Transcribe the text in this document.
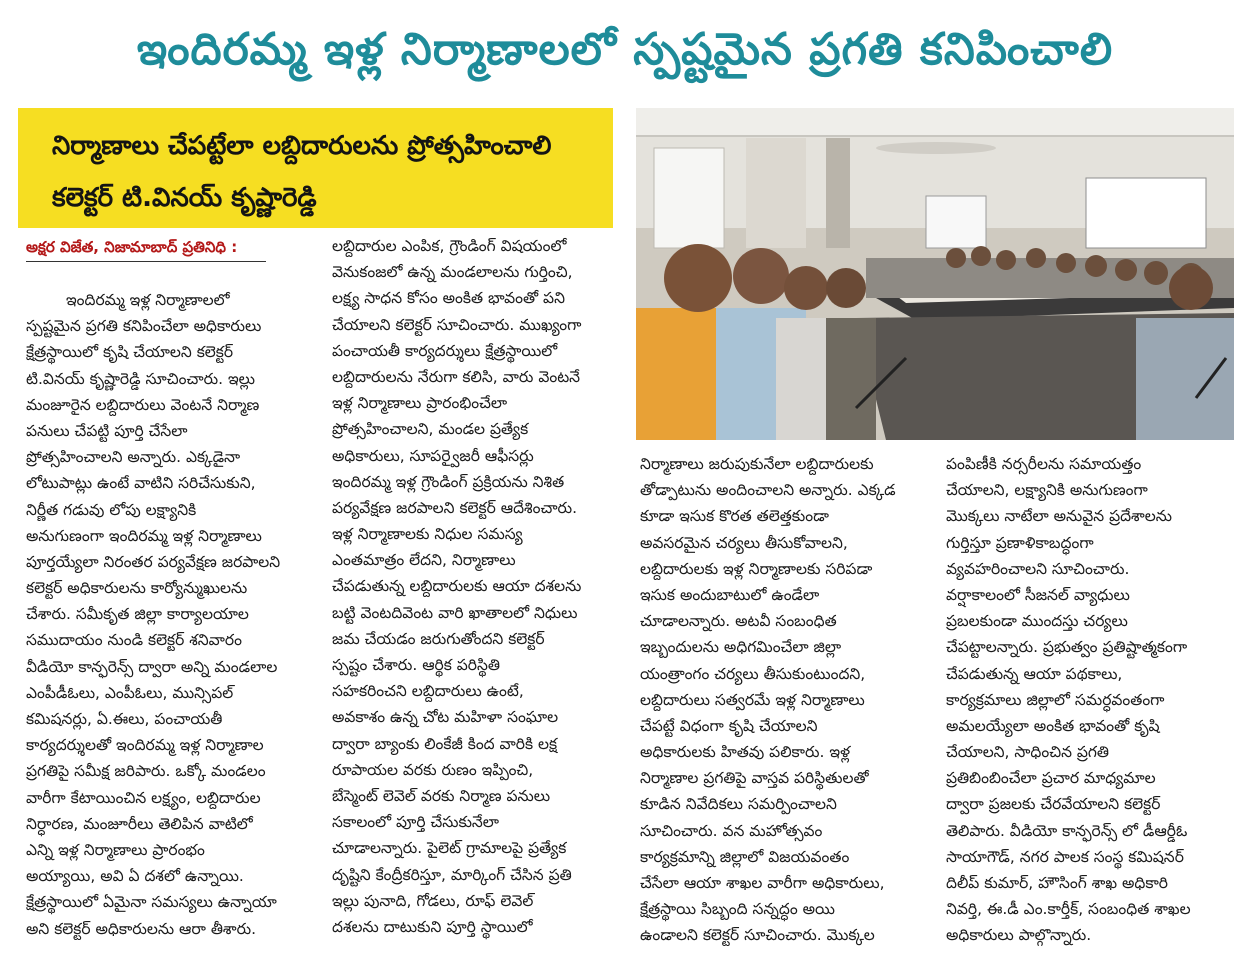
ఇందిరమ్మ ఇళ్ల నిర్మాణాలలో స్పష్టమైన ప్రగతి కనిపించాలి
నిర్మాణాలు చేపట్టేలా లబ్దిదారులను ప్రోత్సహించాలి
కలెక్టర్ టి.వినయ్ కృష్ణారెడ్డి
అక్షర విజేత, నిజామాబాద్ ప్రతినిధి :
ఇందిరమ్మ ఇళ్ల నిర్మాణాలలో
స్పష్టమైన ప్రగతి కనిపించేలా అధికారులు
క్షేత్రస్థాయిలో కృషి చేయాలని కలెక్టర్
టి.వినయ్ కృష్ణారెడ్డి సూచించారు. ఇల్లు
మంజూరైన లబ్దిదారులు వెంటనే నిర్మాణ
పనులు చేపట్టి పూర్తి చేసేలా
ప్రోత్సహించాలని అన్నారు. ఎక్కడైనా
లోటుపాట్లు ఉంటే వాటిని సరిచేసుకుని,
నిర్ణీత గడువు లోపు లక్ష్యానికి
అనుగుణంగా ఇందిరమ్మ ఇళ్ల నిర్మాణాలు
పూర్తయ్యేలా నిరంతర పర్యవేక్షణ జరపాలని
కలెక్టర్ అధికారులను కార్యోన్ముఖులను
చేశారు. సమీకృత జిల్లా కార్యాలయాల
సముదాయం నుండి కలెక్టర్ శనివారం
వీడియో కాన్ఫరెన్స్ ద్వారా అన్ని మండలాల
ఎంపీడీఓలు, ఎంపీఓలు, మున్సిపల్
కమిషనర్లు, ఏ.ఈలు, పంచాయతీ
కార్యదర్శులతో ఇందిరమ్మ ఇళ్ల నిర్మాణాల
ప్రగతిపై సమీక్ష జరిపారు. ఒక్కో మండలం
వారీగా కేటాయించిన లక్ష్యం, లబ్దిదారుల
నిర్ధారణ, మంజూరీలు తెలిపిన వాటిలో
ఎన్ని ఇళ్ల నిర్మాణాలు ప్రారంభం
అయ్యాయి, అవి ఏ దశలో ఉన్నాయి.
క్షేత్రస్థాయిలో ఏమైనా సమస్యలు ఉన్నాయా
అని కలెక్టర్ అధికారులను ఆరా తీశారు.
లబ్దిదారుల ఎంపిక, గ్రౌండింగ్ విషయంలో
వెనుకంజలో ఉన్న మండలాలను గుర్తించి,
లక్ష్య సాధన కోసం అంకిత భావంతో పని
చేయాలని కలెక్టర్ సూచించారు. ముఖ్యంగా
పంచాయతీ కార్యదర్శులు క్షేత్రస్థాయిలో
లబ్దిదారులను నేరుగా కలిసి, వారు వెంటనే
ఇళ్ల నిర్మాణాలు ప్రారంభించేలా
ప్రోత్సహించాలని, మండల ప్రత్యేక
అధికారులు, సూపర్వైజరీ ఆఫీసర్లు
ఇందిరమ్మ ఇళ్ల గ్రౌండింగ్ ప్రక్రియను నిశిత
పర్యవేక్షణ జరపాలని కలెక్టర్ ఆదేశించారు.
ఇళ్ల నిర్మాణాలకు నిధుల సమస్య
ఎంతమాత్రం లేదని, నిర్మాణాలు
చేపడుతున్న లబ్దిదారులకు ఆయా దశలను
బట్టి వెంటదివెంట వారి ఖాతాలలో నిధులు
జమ చేయడం జరుగుతోందని కలెక్టర్
స్పష్టం చేశారు. ఆర్థిక పరిస్థితి
సహకరించని లబ్దిదారులు ఉంటే,
అవకాశం ఉన్న చోట మహిళా సంఘాల
ద్వారా బ్యాంకు లింకేజీ కింద వారికి లక్ష
రూపాయల వరకు రుణం ఇప్పించి,
బేస్మెంట్ లెవెల్ వరకు నిర్మాణ పనులు
సకాలంలో పూర్తి చేసుకునేలా
చూడాలన్నారు. పైలెట్ గ్రామాలపై ప్రత్యేక
దృష్టిని కేంద్రీకరిస్తూ, మార్కింగ్ చేసిన ప్రతి
ఇల్లు పునాది, గోడలు, రూఫ్ లెవెల్
దశలను దాటుకుని పూర్తి స్థాయిలో
నిర్మాణాలు జరుపుకునేలా లబ్దిదారులకు
తోడ్పాటును అందించాలని అన్నారు. ఎక్కడ
కూడా ఇసుక కొరత తలెత్తకుండా
అవసరమైన చర్యలు తీసుకోవాలని,
లబ్దిదారులకు ఇళ్ల నిర్మాణాలకు సరిపడా
ఇసుక అందుబాటులో ఉండేలా
చూడాలన్నారు. అటవీ సంబంధిత
ఇబ్బందులను అధిగమించేలా జిల్లా
యంత్రాంగం చర్యలు తీసుకుంటుందని,
లబ్దిదారులు సత్వరమే ఇళ్ల నిర్మాణాలు
చేపట్టే విధంగా కృషి చేయాలని
అధికారులకు హితవు పలికారు. ఇళ్ల
నిర్మాణాల ప్రగతిపై వాస్తవ పరిస్థితులతో
కూడిన నివేదికలు సమర్పించాలని
సూచించారు. వన మహోత్సవం
కార్యక్రమాన్ని జిల్లాలో విజయవంతం
చేసేలా ఆయా శాఖల వారీగా అధికారులు,
క్షేత్రస్థాయి సిబ్బంది సన్నద్ధం అయి
ఉండాలని కలెక్టర్ సూచించారు. మొక్కల
పంపిణీకి నర్సరీలను సమాయత్తం
చేయాలని, లక్ష్యానికి అనుగుణంగా
మొక్కలు నాటేలా అనువైన ప్రదేశాలను
గుర్తిస్తూ ప్రణాళికాబద్ధంగా
వ్యవహరించాలని సూచించారు.
వర్షాకాలంలో సీజనల్ వ్యాధులు
ప్రబలకుండా ముందస్తు చర్యలు
చేపట్టాలన్నారు. ప్రభుత్వం ప్రతిష్టాత్మకంగా
చేపడుతున్న ఆయా పథకాలు,
కార్యక్రమాలు జిల్లాలో సమర్ధవంతంగా
అమలయ్యేలా అంకిత భావంతో కృషి
చేయాలని, సాధించిన ప్రగతి
ప్రతిబింబించేలా ప్రచార మాధ్యమాల
ద్వారా ప్రజలకు చేరవేయాలని కలెక్టర్
తెలిపారు. వీడియో కాన్ఫరెన్స్ లో డీఆర్డీఓ
సాయాగౌడ్, నగర పాలక సంస్థ కమిషనర్
దిలీప్ కుమార్, హౌసింగ్ శాఖ అధికారి
నివర్తి, ఈ.డీ ఎం.కార్తీక్, సంబంధిత శాఖల
అధికారులు పాల్గొన్నారు.
